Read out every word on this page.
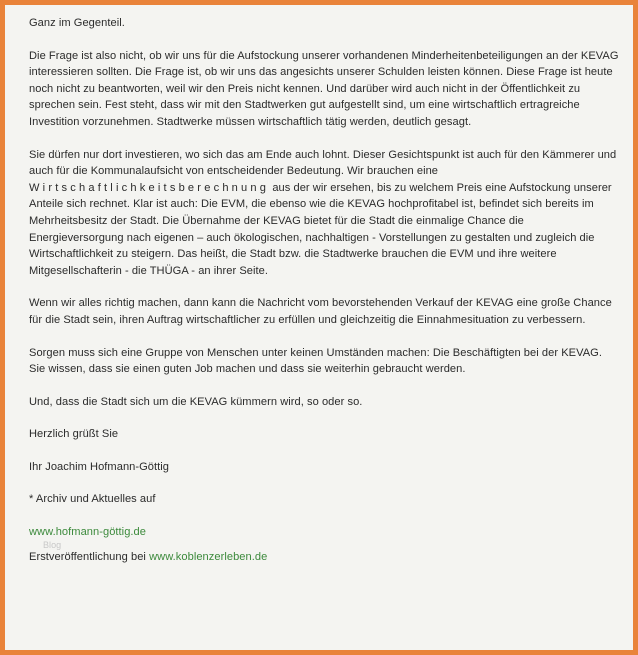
Ganz im Gegenteil.

Die Frage ist also nicht, ob wir uns für die Aufstockung unserer vorhandenen Minderheitenbeteiligungen an der KEVAG interessieren sollten. Die Frage ist, ob wir uns das angesichts unserer Schulden leisten können. Diese Frage ist heute noch nicht zu beantworten, weil wir den Preis nicht kennen. Und darüber wird auch nicht in der Öffentlichkeit zu sprechen sein. Fest steht, dass wir mit den Stadtwerken gut aufgestellt sind, um eine wirtschaftlich ertragreiche Investition vorzunehmen. Stadtwerke müssen wirtschaftlich tätig werden, deutlich gesagt.

Sie dürfen nur dort investieren, wo sich das am Ende auch lohnt. Dieser Gesichtspunkt ist auch für den Kämmerer und auch für die Kommunalaufsicht von entscheidender Bedeutung. Wir brauchen eine Wirtschaftlichkeitsberechnung aus der wir ersehen, bis zu welchem Preis eine Aufstockung unserer Anteile sich rechnet. Klar ist auch: Die EVM, die ebenso wie die KEVAG hochprofitabel ist, befindet sich bereits im Mehrheitsbesitz der Stadt. Die Übernahme der KEVAG bietet für die Stadt die einmalige Chance die Energieversorgung nach eigenen – auch ökologischen, nachhaltigen - Vorstellungen zu gestalten und zugleich die Wirtschaftlichkeit zu steigern. Das heißt, die Stadt bzw. die Stadtwerke brauchen die EVM und ihre weitere Mitgesellschafterin - die THÜGA - an ihrer Seite.

Wenn wir alles richtig machen, dann kann die Nachricht vom bevorstehenden Verkauf der KEVAG eine große Chance für die Stadt sein, ihren Auftrag wirtschaftlicher zu erfüllen und gleichzeitig die Einnahmesituation zu verbessern.

Sorgen muss sich eine Gruppe von Menschen unter keinen Umständen machen: Die Beschäftigten bei der KEVAG. Sie wissen, dass sie einen guten Job machen und dass sie weiterhin gebraucht werden.

Und, dass die Stadt sich um die KEVAG kümmern wird, so oder so.

Herzlich grüßt Sie

Ihr Joachim Hofmann-Göttig

* Archiv und Aktuelles auf

www.hofmann-göttig.de

Blog

Erstveröffentlichung bei www.koblenzerleben.de
